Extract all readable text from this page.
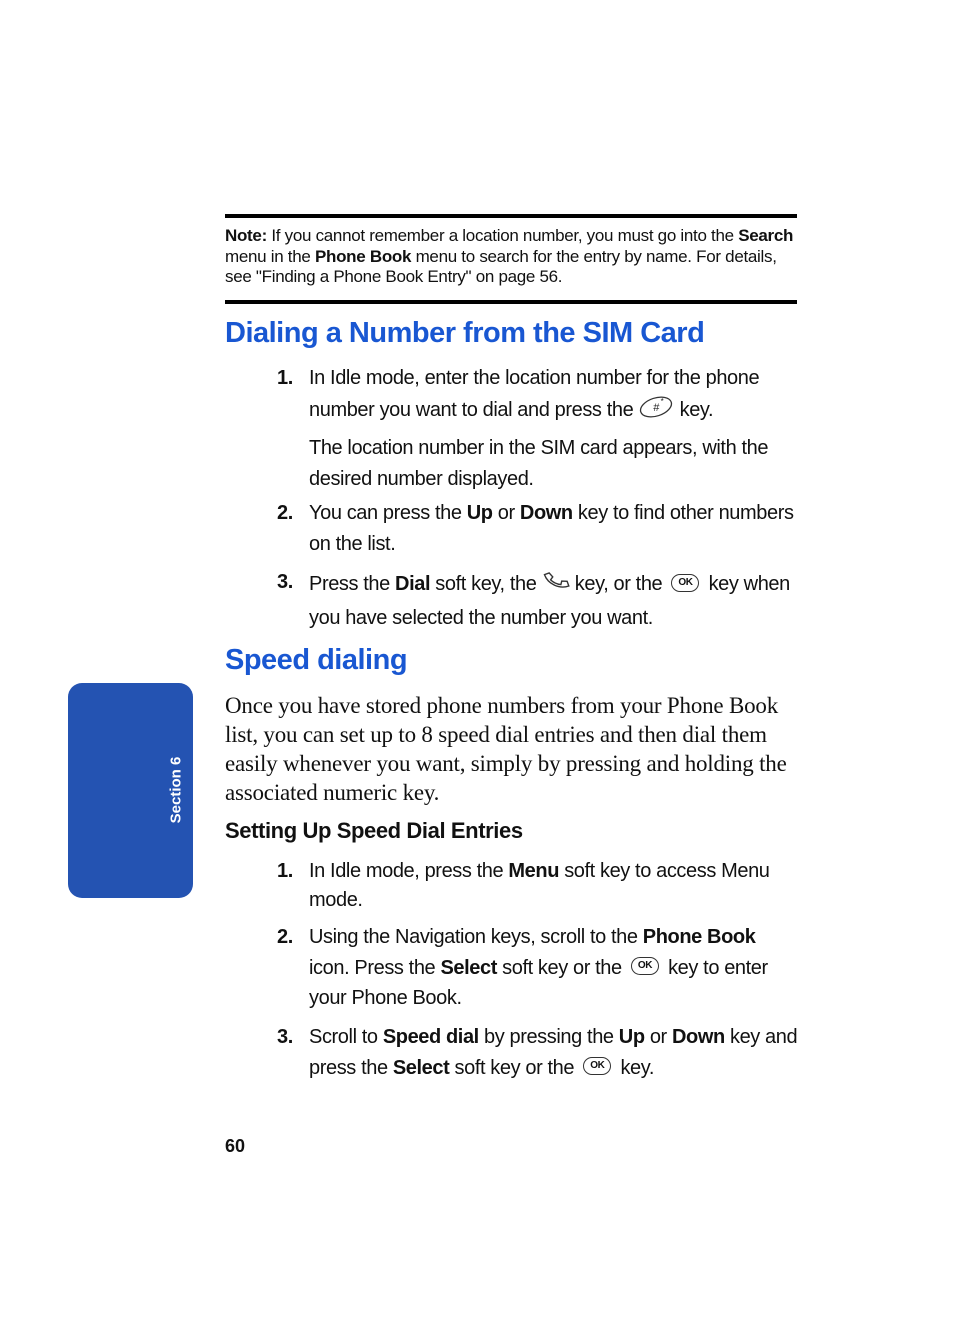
Note: If you cannot remember a location number, you must go into the Search menu in the Phone Book menu to search for the entry by name. For details, see "Finding a Phone Book Entry" on page 56.
Dialing a Number from the SIM Card
1. In Idle mode, enter the location number for the phone number you want to dial and press the #
* key.
The location number in the SIM card appears, with the desired number displayed.
2. You can press the Up or Down key to find other numbers on the list.
3. Press the Dial soft key, the  key, or the OK key when you have selected the number you want.
Speed dialing
Once you have stored phone numbers from your Phone Book list, you can set up to 8 speed dial entries and then dial them easily whenever you want, simply by pressing and holding the associated numeric key.
Setting Up Speed Dial Entries
1. In Idle mode, press the Menu soft key to access Menu mode.
2. Using the Navigation keys, scroll to the Phone Book icon. Press the Select soft key or the OK key to enter your Phone Book.
3. Scroll to Speed dial by pressing the Up or Down key and press the Select soft key or the OK key.
Section 6
60
